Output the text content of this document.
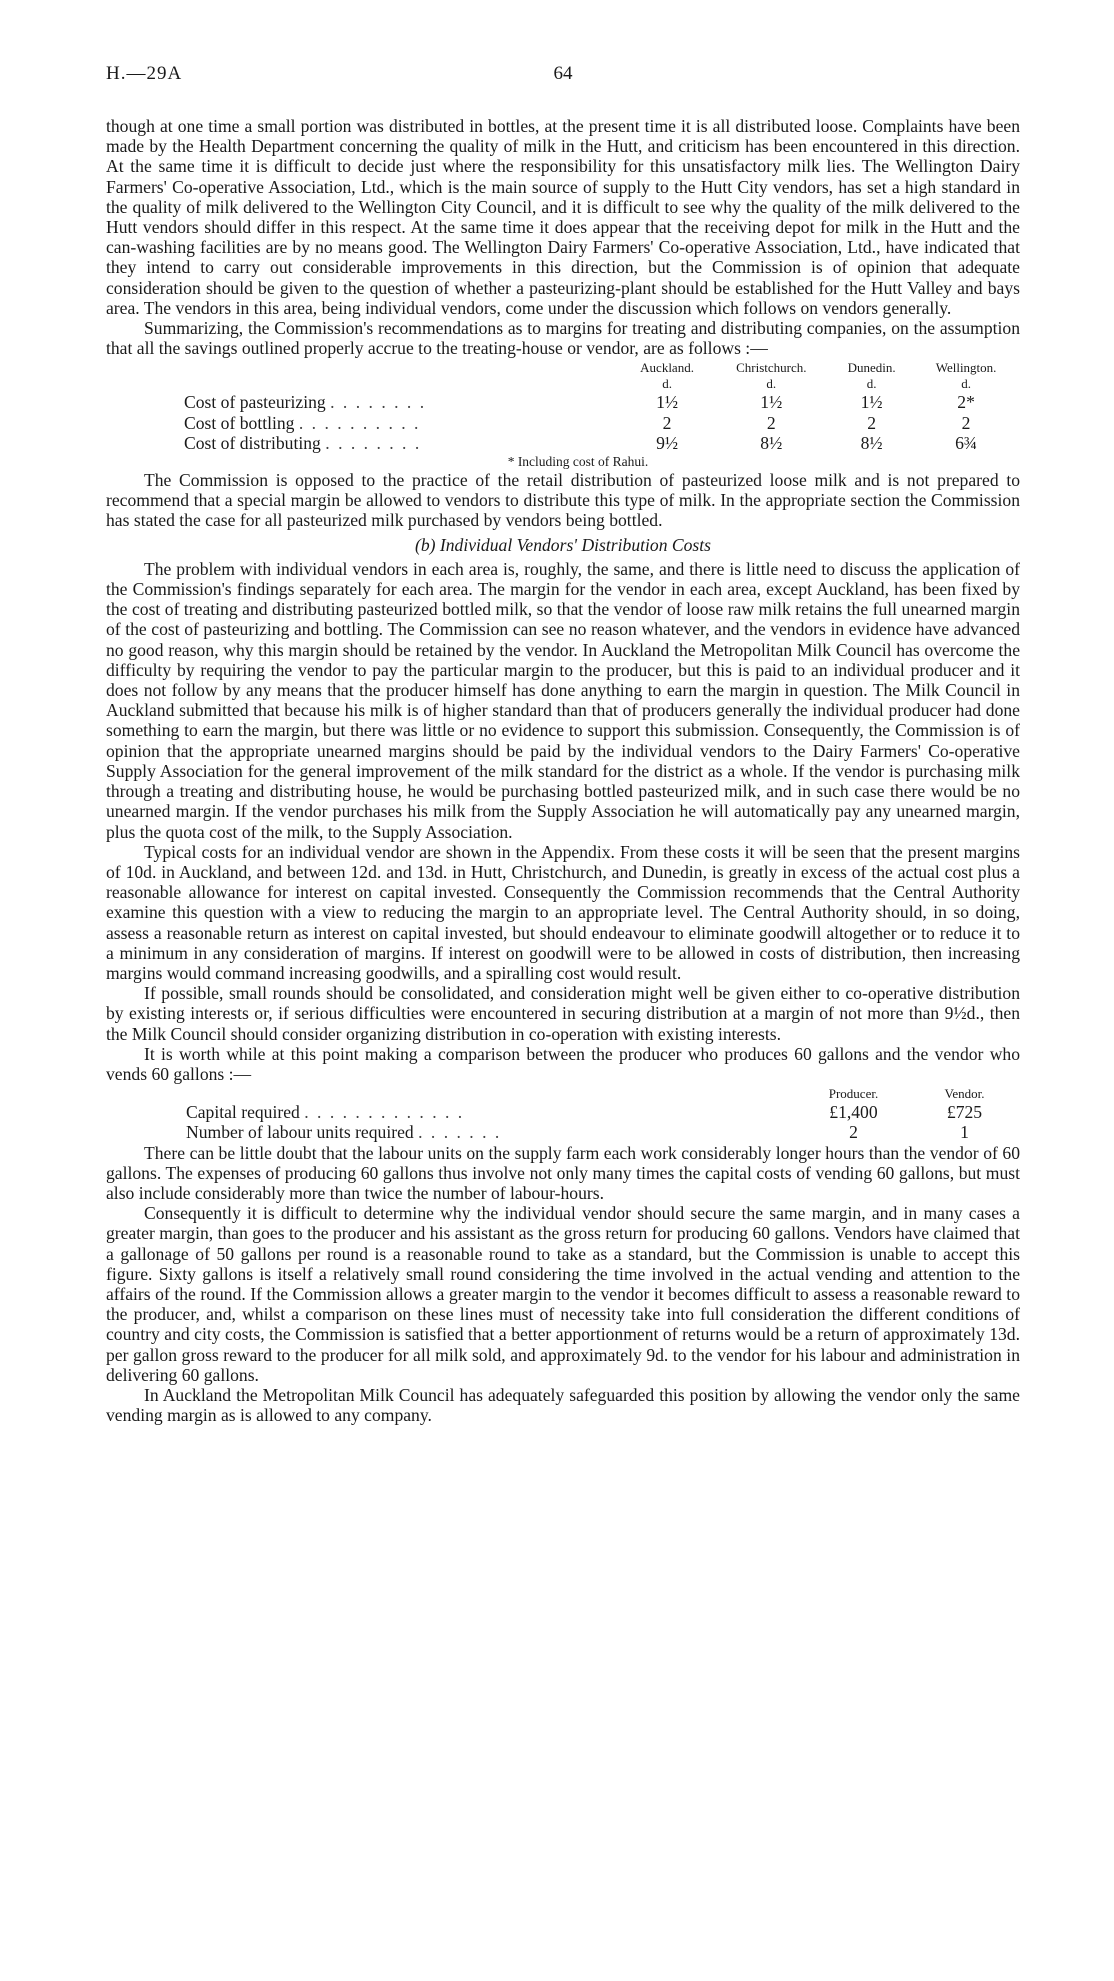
H.—29A	64

though at one time a small portion was distributed in bottles, at the present time it is all distributed loose. Complaints have been made by the Health Department concerning the quality of milk in the Hutt, and criticism has been encountered in this direction. At the same time it is difficult to decide just where the responsibility for this unsatisfactory milk lies. The Wellington Dairy Farmers' Co-operative Association, Ltd., which is the main source of supply to the Hutt City vendors, has set a high standard in the quality of milk delivered to the Wellington City Council, and it is difficult to see why the quality of the milk delivered to the Hutt vendors should differ in this respect. At the same time it does appear that the receiving depot for milk in the Hutt and the can-washing facilities are by no means good. The Wellington Dairy Farmers' Co-operative Association, Ltd., have indicated that they intend to carry out considerable improvements in this direction, but the Commission is of opinion that adequate consideration should be given to the question of whether a pasteurizing-plant should be established for the Hutt Valley and bays area. The vendors in this area, being individual vendors, come under the discussion which follows on vendors generally.

Summarizing, the Commission's recommendations as to margins for treating and distributing companies, on the assumption that all the savings outlined properly accrue to the treating-house or vendor, are as follows :—

	Auckland.	Christchurch.	Dunedin.	Wellington.	
	d.	d.	d.	d.	
Cost of pasteurizing . . . . . . . .	1½	1½	1½	2*	
Cost of bottling . . . . . . . . . .	2	2	2	2	
Cost of distributing . . . . . . . .	9½	8½	8½	6¾	
* Including cost of Rahui.

The Commission is opposed to the practice of the retail distribution of pasteurized loose milk and is not prepared to recommend that a special margin be allowed to vendors to distribute this type of milk. In the appropriate section the Commission has stated the case for all pasteurized milk purchased by vendors being bottled.

(b) Individual Vendors' Distribution Costs

The problem with individual vendors in each area is, roughly, the same, and there is little need to discuss the application of the Commission's findings separately for each area. The margin for the vendor in each area, except Auckland, has been fixed by the cost of treating and distributing pasteurized bottled milk, so that the vendor of loose raw milk retains the full unearned margin of the cost of pasteurizing and bottling. The Commission can see no reason whatever, and the vendors in evidence have advanced no good reason, why this margin should be retained by the vendor. In Auckland the Metropolitan Milk Council has overcome the difficulty by requiring the vendor to pay the particular margin to the producer, but this is paid to an individual producer and it does not follow by any means that the producer himself has done anything to earn the margin in question. The Milk Council in Auckland submitted that because his milk is of higher standard than that of producers generally the individual producer had done something to earn the margin, but there was little or no evidence to support this submission. Consequently, the Commission is of opinion that the appropriate unearned margins should be paid by the individual vendors to the Dairy Farmers' Co-operative Supply Association for the general improvement of the milk standard for the district as a whole. If the vendor is purchasing milk through a treating and distributing house, he would be purchasing bottled pasteurized milk, and in such case there would be no unearned margin. If the vendor purchases his milk from the Supply Association he will automatically pay any unearned margin, plus the quota cost of the milk, to the Supply Association.

Typical costs for an individual vendor are shown in the Appendix. From these costs it will be seen that the present margins of 10d. in Auckland, and between 12d. and 13d. in Hutt, Christchurch, and Dunedin, is greatly in excess of the actual cost plus a reasonable allowance for interest on capital invested. Consequently the Commission recommends that the Central Authority examine this question with a view to reducing the margin to an appropriate level. The Central Authority should, in so doing, assess a reasonable return as interest on capital invested, but should endeavour to eliminate goodwill altogether or to reduce it to a minimum in any consideration of margins. If interest on goodwill were to be allowed in costs of distribution, then increasing margins would command increasing goodwills, and a spiralling cost would result.

If possible, small rounds should be consolidated, and consideration might well be given either to co-operative distribution by existing interests or, if serious difficulties were encountered in securing distribution at a margin of not more than 9½d., then the Milk Council should consider organizing distribution in co-operation with existing interests.

It is worth while at this point making a comparison between the producer who produces 60 gallons and the vendor who vends 60 gallons :—

	Producer.	Vendor.	
Capital required . . . . . . . . . . . . .	£1,400	£725	
Number of labour units required . . . . . . .	2	1	

There can be little doubt that the labour units on the supply farm each work considerably longer hours than the vendor of 60 gallons. The expenses of producing 60 gallons thus involve not only many times the capital costs of vending 60 gallons, but must also include considerably more than twice the number of labour-hours.

Consequently it is difficult to determine why the individual vendor should secure the same margin, and in many cases a greater margin, than goes to the producer and his assistant as the gross return for producing 60 gallons. Vendors have claimed that a gallonage of 50 gallons per round is a reasonable round to take as a standard, but the Commission is unable to accept this figure. Sixty gallons is itself a relatively small round considering the time involved in the actual vending and attention to the affairs of the round. If the Commission allows a greater margin to the vendor it becomes difficult to assess a reasonable reward to the producer, and, whilst a comparison on these lines must of necessity take into full consideration the different conditions of country and city costs, the Commission is satisfied that a better apportionment of returns would be a return of approximately 13d. per gallon gross reward to the producer for all milk sold, and approximately 9d. to the vendor for his labour and administration in delivering 60 gallons.

In Auckland the Metropolitan Milk Council has adequately safeguarded this position by allowing the vendor only the same vending margin as is allowed to any company.
